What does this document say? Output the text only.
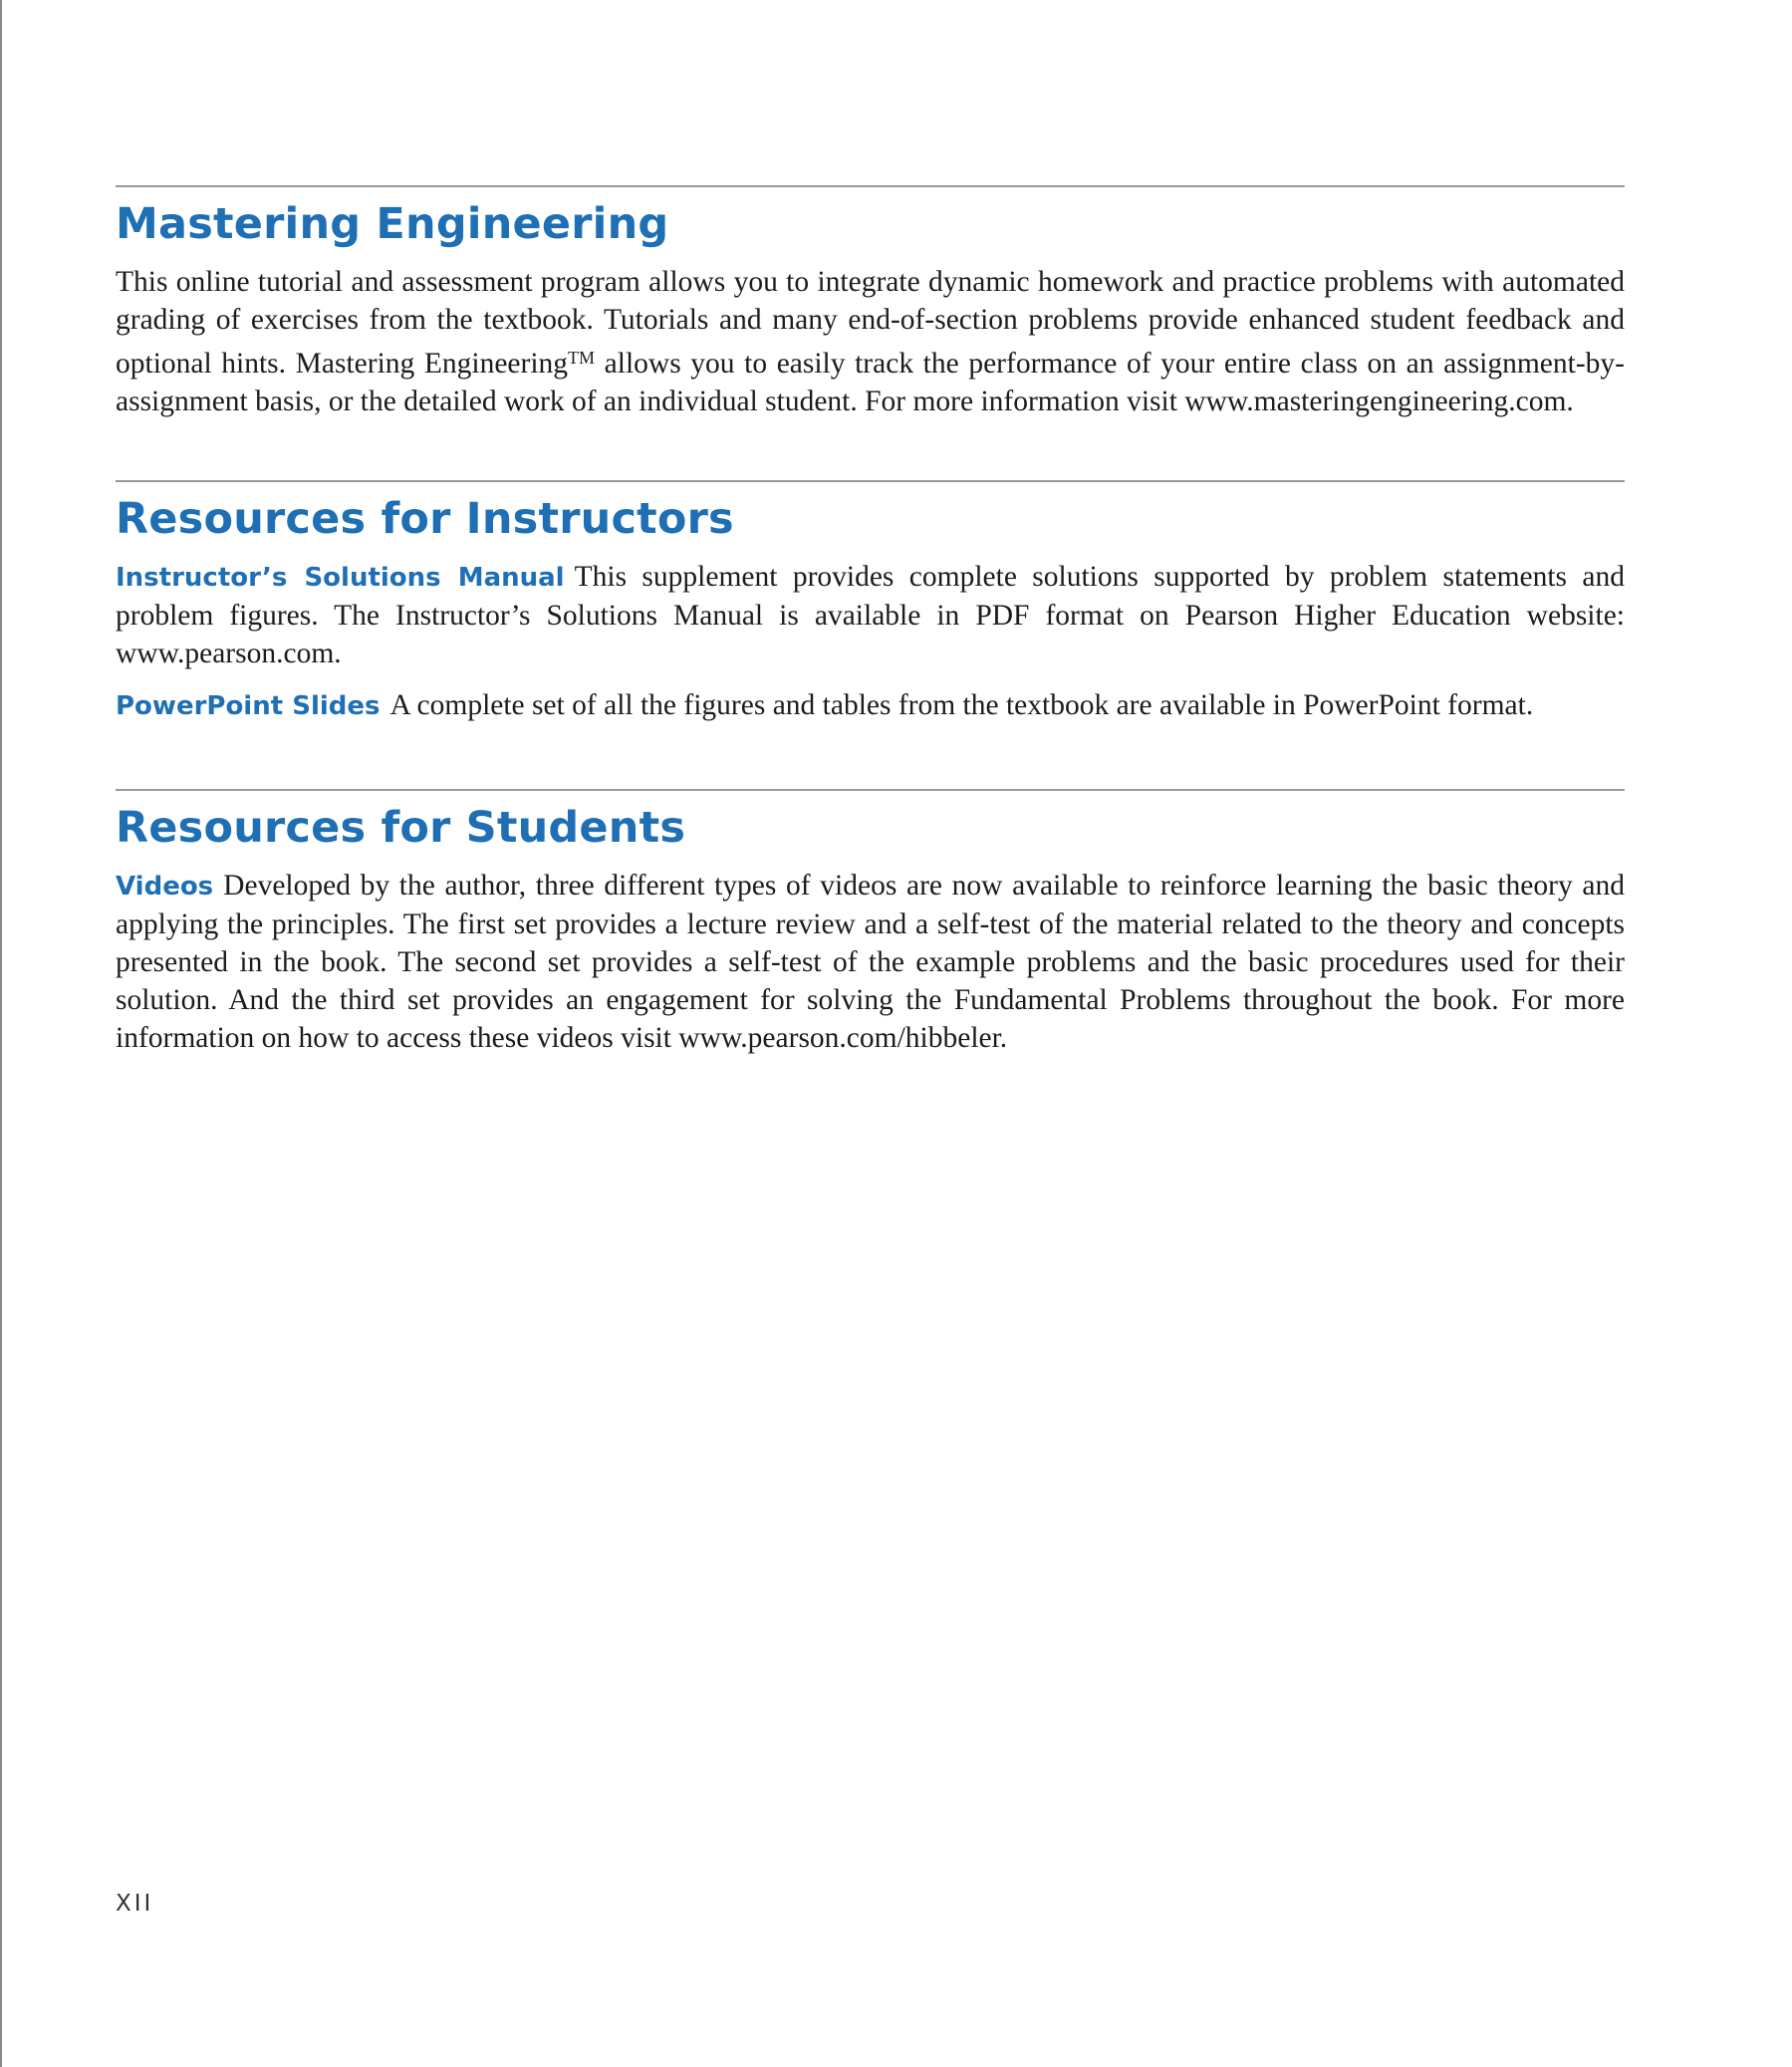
Mastering Engineering

This online tutorial and assessment program allows you to integrate dynamic homework and practice problems with automated grading of exercises from the textbook. Tutorials and many end-of-section problems provide enhanced student feedback and optional hints. Mastering Engineering™ allows you to easily track the performance of your entire class on an assignment-by-assignment basis, or the detailed work of an individual student. For more information visit www.masteringengineering.com.

Resources for Instructors

Instructor’s Solutions Manual This supplement provides complete solutions supported by problem statements and problem figures. The Instructor’s Solutions Manual is available in PDF format on Pearson Higher Education website: www.pearson.com.

PowerPoint Slides A complete set of all the figures and tables from the textbook are available in PowerPoint format.

Resources for Students

Videos Developed by the author, three different types of videos are now available to reinforce learning the basic theory and applying the principles. The first set provides a lecture review and a self-test of the material related to the theory and concepts presented in the book. The second set provides a self-test of the example problems and the basic procedures used for their solution. And the third set provides an engagement for solving the Fundamental Problems throughout the book. For more information on how to access these videos visit www.pearson.com/hibbeler.

XII
